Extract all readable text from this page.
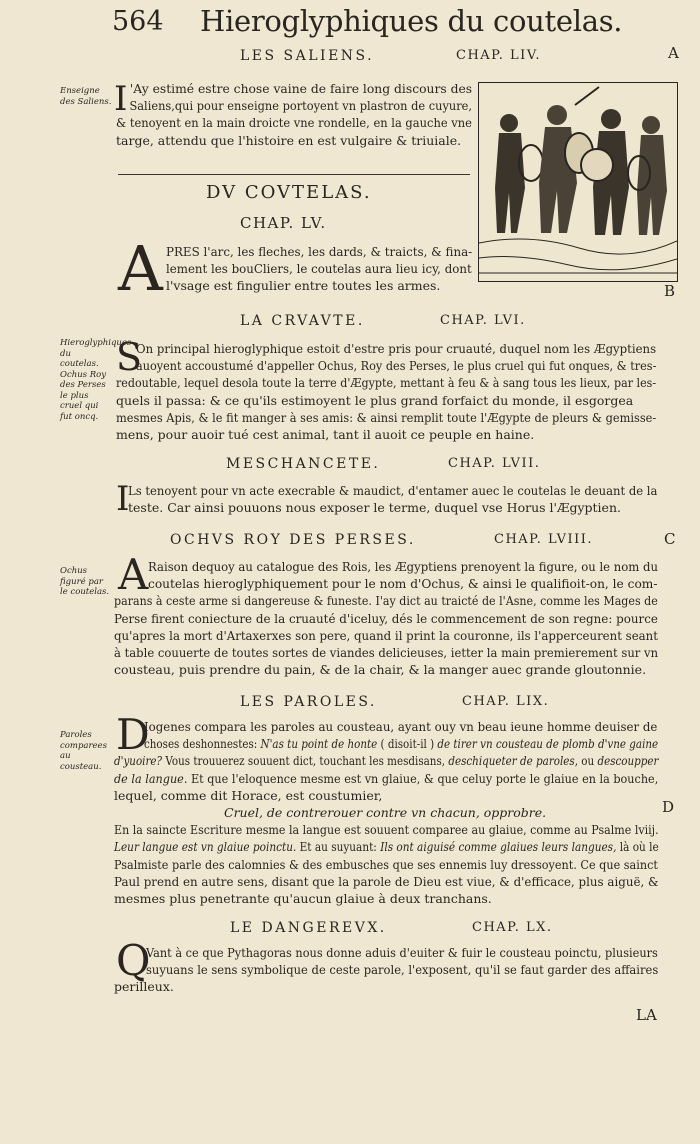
564 Hieroglyphiques du coutelas.
A
B
C
D
LES SALIENS.	CHAP. LIV.
Enseigne des Saliens. I 'Ay estimé estre chose vaine de faire long discours des
Saliens,qui pour enseigne portoyent vn plastron de cuyure,
& tenoyent en la main droicte vne rondelle, en la gauche vne
targe, attendu que l'histoire en est vulgaire & triuiale.
DV COVTELAS.
CHAP. LV.
A PRES l'arc, les fleches, les dards, & traicts, & fina-
lement les bouCliers, le coutelas aura lieu icy, dont
l'vsage est fingulier entre toutes les armes.
LA CRVAVTE.	CHAP. LVI.
Hieroglyphiques du coutelas. Ochus Roy des Perses le plus cruel qui fut oncq.
S
On principal hieroglyphique estoit d'estre pris pour cruauté, duquel nom les Ægyptiens
auoyent accoustumé d'appeller Ochus, Roy des Perses, le plus cruel qui fut onques, & tres-
redoutable, lequel desola toute la terre d'Ægypte, mettant à feu & à sang tous les lieux, par les-
quels il passa: & ce qu'ils estimoyent le plus grand forfaict du monde, il esgorgea
mesmes Apis, & le fit manger à ses amis: & ainsi remplit toute l'Ægypte de pleurs & gemisse-
mens, pour auoir tué cest animal, tant il auoit ce peuple en haine.
MESCHANCETE.	CHAP. LVII.
I
Ls tenoyent pour vn acte execrable & maudict, d'entamer auec le coutelas le deuant de la
teste. Car ainsi pouuons nous exposer le terme, duquel vse Horus l'Ægyptien.
OCHVS ROY DES PERSES.	CHAP. LVIII.
Ochus figuré par le coutelas. A Raison dequoy au catalogue des Rois, les Ægyptiens prenoyent la figure, ou le nom du
coutelas hieroglyphiquement pour le nom d'Ochus, & ainsi le qualifioit-on, le com-
parans à ceste arme si dangereuse & funeste. I'ay dict au traicté de l'Asne, comme les Mages de
Perse firent coniecture de la cruauté d'iceluy, dés le commencement de son regne: pource
qu'apres la mort d'Artaxerxes son pere, quand il print la couronne, ils l'apperceurent seant
à table couuerte de toutes sortes de viandes delicieuses, ietter la main premierement sur vn
cousteau, puis prendre du pain, & de la chair, & la manger auec grande gloutonnie.
LES PAROLES.	CHAP. LIX.
Paroles comparees au cousteau.
D
Iogenes compara les paroles au cousteau, ayant ouy vn beau ieune homme deuiser de
choses deshonnestes: N'as tu point de honte ( disoit-il ) de tirer vn cousteau de plomb d'vne gaine
d'yuoire? Vous trouuerez souuent dict, touchant les mesdisans, deschiqueter de paroles, ou descoupper
de la langue. Et que l'eloquence mesme est vn glaiue, & que celuy porte le glaiue en la bouche,
lequel, comme dit Horace, est coustumier,
Cruel, de contrerouer contre vn chacun, opprobre.
En la saincte Escriture mesme la langue est souuent comparee au glaiue, comme au Psalme lviij.
Leur langue est vn glaiue poinctu. Et au suyuant: Ils ont aiguisé comme glaiues leurs langues, là où le
Psalmiste parle des calomnies & des embusches que ses ennemis luy dressoyent. Ce que sainct
Paul prend en autre sens, disant que la parole de Dieu est viue, & d'efficace, plus aiguë, &
mesmes plus penetrante qu'aucun glaiue à deux tranchans.
LE DANGEREVX.	CHAP. LX.
Q
Vant à ce que Pythagoras nous donne aduis d'euiter & fuir le cousteau poinctu, plusieurs
suyuans le sens symbolique de ceste parole, l'exposent, qu'il se faut garder des affaires
perilleux.
LA
